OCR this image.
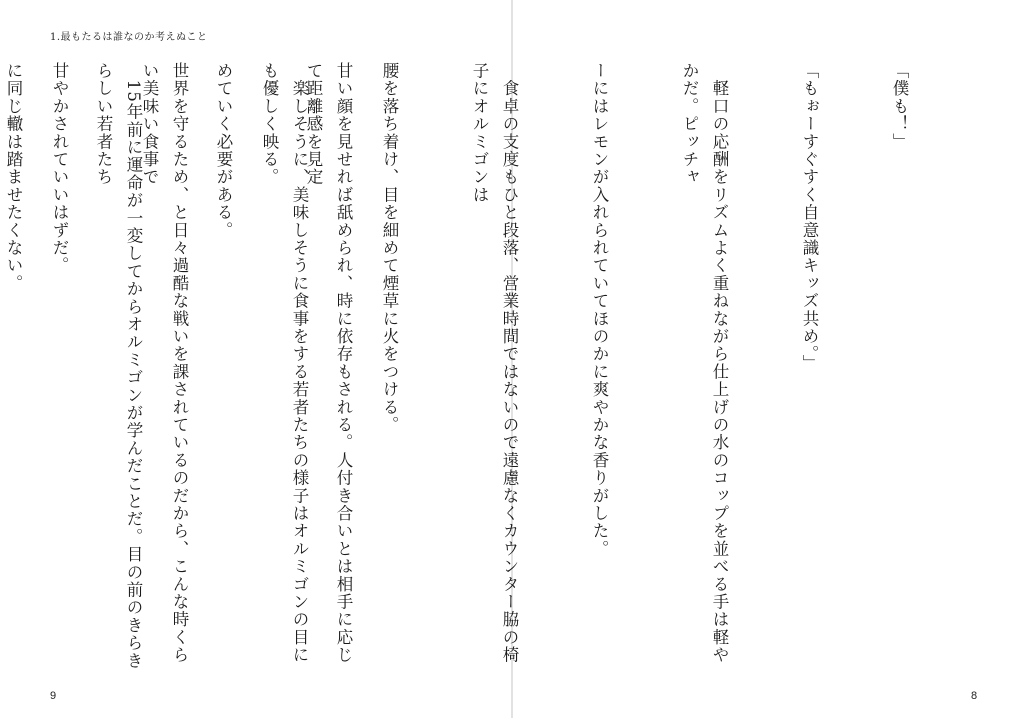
1.最もたるは誰なのか考えぬこと

甘い顔を見せれば舐められ、時に依存もされる。人付き合いとは相手に応じて距離感を見定

めていく必要がある。

　15年前に運命が一変してからオルミゴンが学んだことだ。目の前のきらきらしい若者たち

に同じ轍は踏ませたくない。

9

「僕も！」

「もぉーすぐすく自意識キッズ共め。」

　軽口の応酬をリズムよく重ねながら仕上げの水のコップを並べる手は軽やかだ。ピッチャ

ーにはレモンが入れられていてほのかに爽やかな香りがした。

　食卓の支度もひと段落、営業時間ではないので遠慮なくカウンター脇の椅子にオルミゴンは

腰を落ち着け、目を細めて煙草に火をつける。

　楽しそうに、美味しそうに食事をする若者たちの様子はオルミゴンの目にも優しく映る。

世界を守るため、と日々過酷な戦いを課されているのだから、こんな時くらい美味い食事で

甘やかされていいはずだ。

8
